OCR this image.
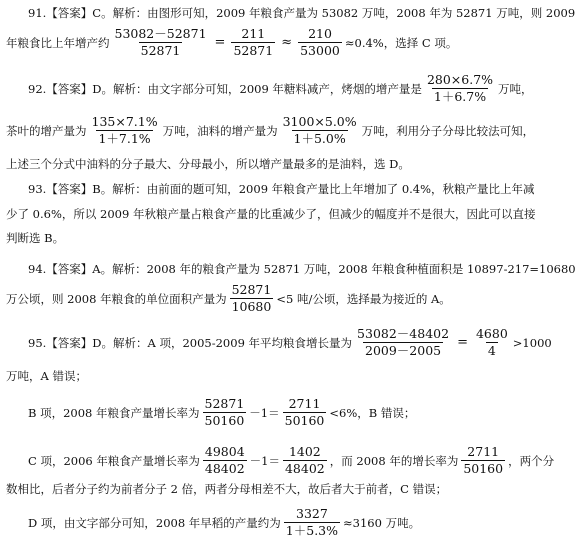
91.【答案】C。解析：由图形可知，2009 年粮食产量为 53082 万吨，2008 年为 52871 万吨，则 2009
年粮食比上年增产约 $\frac{53082-52871}{52871} = \frac{211}{52871} \approx \frac{210}{53000} \approx 0.4\%$，选择 C 项。
92.【答案】D。解析：由文字部分可知，2009 年糖料减产，烤烟的增产量是 $\frac{280\times 6.7\%}{1+6.7\%}$ 万吨，
茶叶的增产量为 $\frac{135\times 7.1\%}{1+7.1\%}$ 万吨，油料的增产量为 $\frac{3100\times 5.0\%}{1+5.0\%}$ 万吨，利用分子分母比较法可知，
上述三个分式中油料的分子最大、分母最小，所以增产量最多的是油料，选 D。
93.【答案】B。解析：由前面的题可知，2009 年粮食产量比上年增加了 0.4%，秋粮产量比上年减
少了 0.6%，所以 2009 年秋粮产量占粮食产量的比重减少了，但减少的幅度并不是很大，因此可以直接
判断选 B。
94.【答案】A。解析：2008 年的粮食产量为 52871 万吨，2008 年粮食种植面积是 10897-217=10680
万公顷，则 2008 年粮食的单位面积产量为 $\frac{52871}{10680} <5$ 吨/公顷，选择最为接近的 A。
95.【答案】D。解析：A 项，2005-2009 年平均粮食增长量为 $\frac{53082-48402}{2009-2005} = \frac{4680}{4} >1000$
万吨，A 错误；
B 项，2008 年粮食产量增长率为 $\frac{52871}{50160} -1= \frac{2711}{50160} <6\%$，B 错误；
C 项，2006 年粮食产量增长率为 $\frac{49804}{48402} -1= \frac{1402}{48402}$ ，而 2008 年的增长率为 $\frac{2711}{50160}$ ，两个分
数相比，后者分子约为前者分子 2 倍，两者分母相差不大，故后者大于前者，C 错误；
D 项，由文字部分可知，2008 年早稻的产量约为 $\frac{3327}{1+5.3\%} \approx 3160$ 万吨。
